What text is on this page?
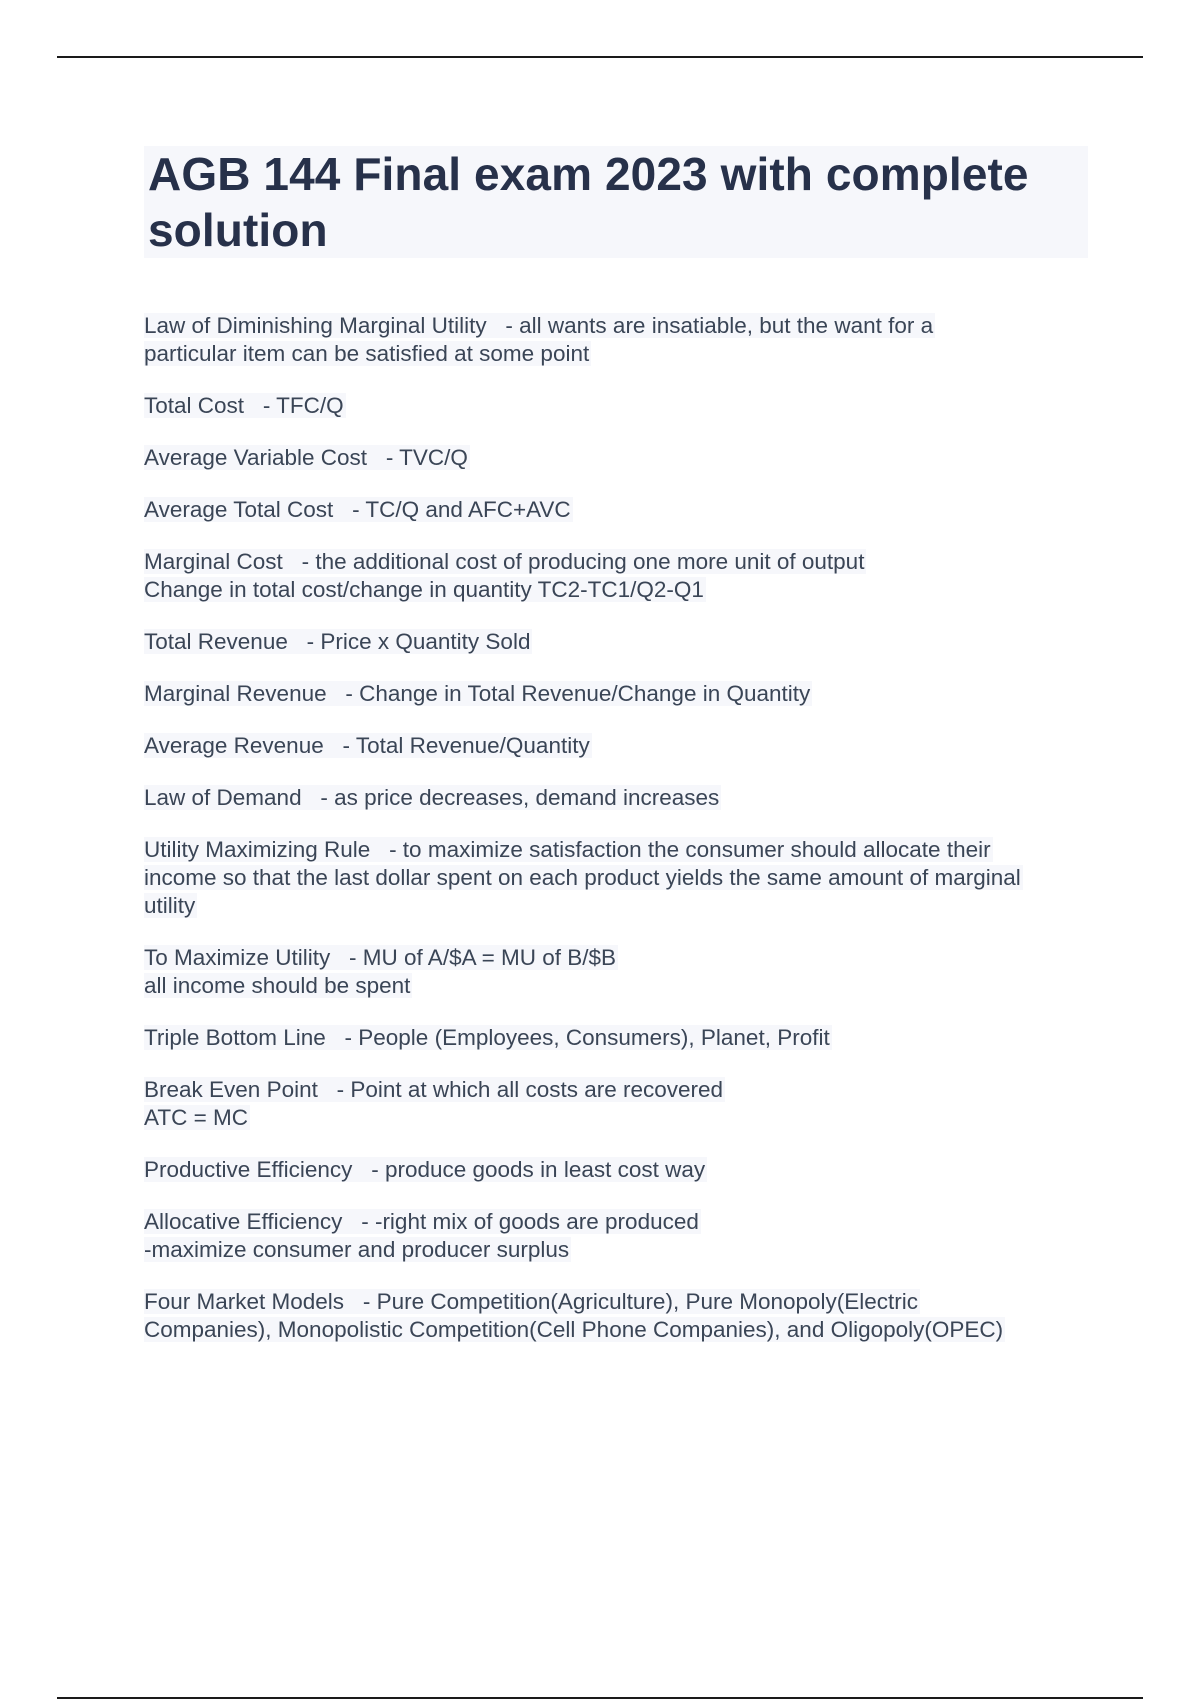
AGB 144 Final exam 2023 with complete solution
Law of Diminishing Marginal Utility - all wants are insatiable, but the want for a
particular item can be satisfied at some point
Total Cost - TFC/Q
Average Variable Cost - TVC/Q
Average Total Cost - TC/Q and AFC+AVC
Marginal Cost - the additional cost of producing one more unit of output
Change in total cost/change in quantity TC2-TC1/Q2-Q1
Total Revenue - Price x Quantity Sold
Marginal Revenue - Change in Total Revenue/Change in Quantity
Average Revenue - Total Revenue/Quantity
Law of Demand - as price decreases, demand increases
Utility Maximizing Rule - to maximize satisfaction the consumer should allocate their
income so that the last dollar spent on each product yields the same amount of marginal
utility
To Maximize Utility - MU of A/$A = MU of B/$B
all income should be spent
Triple Bottom Line - People (Employees, Consumers), Planet, Profit
Break Even Point - Point at which all costs are recovered
ATC = MC
Productive Efficiency - produce goods in least cost way
Allocative Efficiency - -right mix of goods are produced
-maximize consumer and producer surplus
Four Market Models - Pure Competition(Agriculture), Pure Monopoly(Electric
Companies), Monopolistic Competition(Cell Phone Companies), and Oligopoly(OPEC)
